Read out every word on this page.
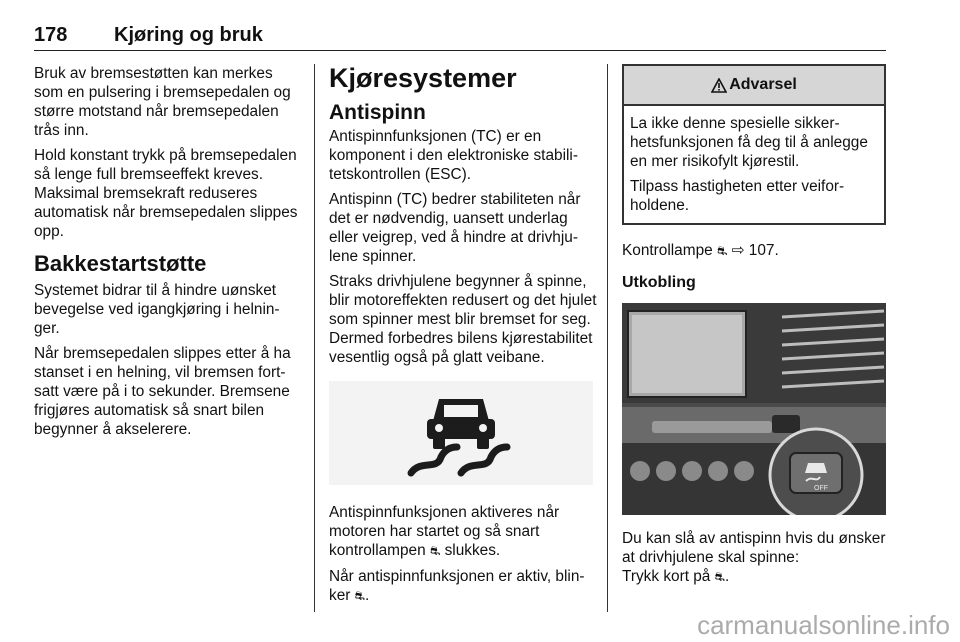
178 Kjøring og bruk

Bruk av bremsestøtten kan merkes som en pulsering i bremsepedalen og større motstand når bremsepedalen trås inn.

Hold konstant trykk på bremsepedalen så lenge full bremseeffekt kreves. Maksimal bremsekraft reduseres automatisk når bremsepedalen slippes opp.

Bakkestartstøtte

Systemet bidrar til å hindre uønsket bevegelse ved igangkjøring i helninger.

Når bremsepedalen slippes etter å ha stanset i en helning, vil bremsen fortsatt være på i to sekunder. Bremsene frigjøres automatisk så snart bilen begynner å akselerere.

Kjøresystemer
Antispinn

Antispinnfunksjonen (TC) er en komponent i den elektroniske stabilitetskontrollen (ESC).

Antispinn (TC) bedrer stabiliteten når det er nødvendig, uansett underlag eller veigrep, ved å hindre at drivhjulene spinner.

Straks drivhjulene begynner å spinne, blir motoreffekten redusert og det hjulet som spinner mest blir bremset for seg. Dermed forbedres bilens kjørestabilitet vesentlig også på glatt veibane.

Antispinnfunksjonen aktiveres når motoren har startet og så snart kontrollampen ⛐ slukkes.

Når antispinnfunksjonen er aktiv, blinker ⛐.

Advarsel

La ikke denne spesielle sikkerhetsfunksjonen få deg til å anlegge en mer risikofylt kjørestil.

Tilpass hastigheten etter veiforholdene.

Kontrollampe ⛐ ⇨ 107.

Utkobling
OFF

Du kan slå av antispinn hvis du ønsker at drivhjulene skal spinne:

Trykk kort på ⛐.

carmanualsonline.info
